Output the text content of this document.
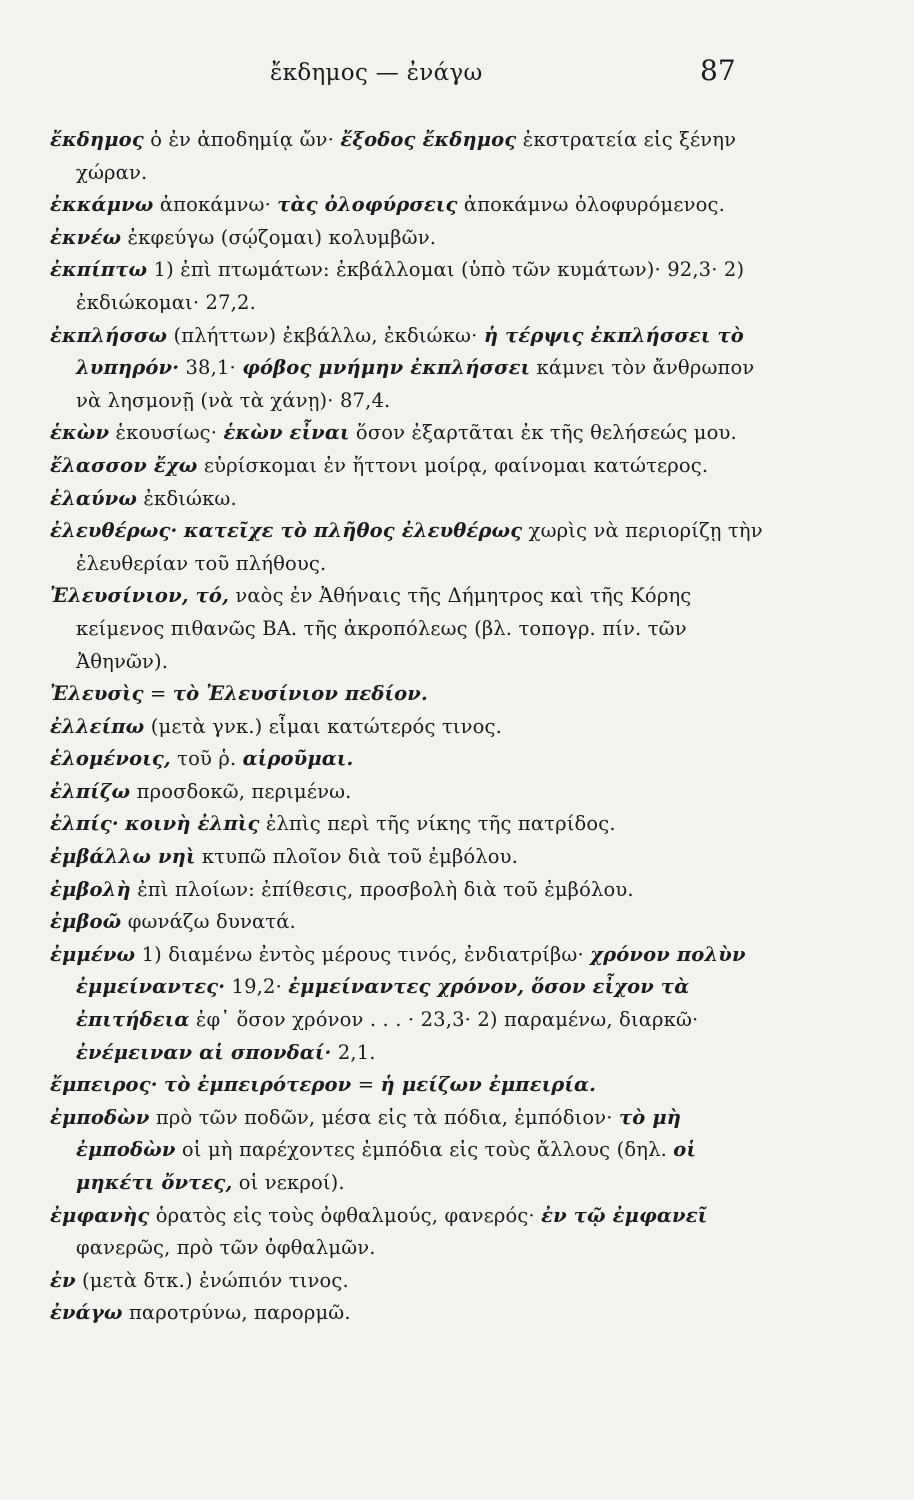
ἔκδημος — ἐνάγω	87

ἔκδημος ὁ ἐν ἀποδημίᾳ ὤν· ἔξοδος ἔκδημος ἐκστρατεία εἰς ξένην χώραν.

ἐκκάμνω ἀποκάμνω· τὰς ὀλοφύρσεις ἀποκάμνω ὀλοφυρόμενος.

ἐκνέω ἐκφεύγω (σῴζομαι) κολυμβῶν.

ἐκπίπτω 1) ἐπὶ πτωμάτων: ἐκβάλλομαι (ὑπὸ τῶν κυμάτων)· 92,3· 2) ἐκδιώκομαι· 27,2.

ἐκπλήσσω (πλήττων) ἐκβάλλω, ἐκδιώκω· ἡ τέρψις ἐκπλήσσει τὸ λυπηρόν· 38,1· φόβος μνήμην ἐκπλήσσει κάμνει τὸν ἄνθρωπον νὰ λησμονῇ (νὰ τὰ χάνῃ)· 87,4.

ἑκὼν ἑκουσίως· ἑκὼν εἶναι ὅσον ἐξαρτᾶται ἐκ τῆς θελήσεώς μου.

ἔλασσον ἔχω εὑρίσκομαι ἐν ἥττονι μοίρᾳ, φαίνομαι κατώτερος.

ἐλαύνω ἐκδιώκω.

ἐλευθέρως· κατεῖχε τὸ πλῆθος ἐλευθέρως χωρὶς νὰ περιορίζῃ τὴν ἐλευθερίαν τοῦ πλήθους.

Ἐλευσίνιον, τό, ναὸς ἐν Ἀθήναις τῆς Δήμητρος καὶ τῆς Κόρης κείμενος πιθανῶς ΒΑ. τῆς ἀκροπόλεως (βλ. τοπογρ. πίν. τῶν Ἀθηνῶν).

Ἐλευσὶς = τὸ Ἐλευσίνιον πεδίον.

ἐλλείπω (μετὰ γνκ.) εἶμαι κατώτερός τινος.

ἑλομένοις, τοῦ ῥ. αἱροῦμαι.

ἐλπίζω προσδοκῶ, περιμένω.

ἐλπίς· κοινὴ ἐλπὶς ἐλπὶς περὶ τῆς νίκης τῆς πατρίδος.

ἐμβάλλω νηὶ κτυπῶ πλοῖον διὰ τοῦ ἐμβόλου.

ἐμβολὴ ἐπὶ πλοίων: ἐπίθεσις, προσβολὴ διὰ τοῦ ἐμβόλου.

ἐμβοῶ φωνάζω δυνατά.

ἐμμένω 1) διαμένω ἐντὸς μέρους τινός, ἐνδιατρίβω· χρόνον πολὺν ἐμμείναντες· 19,2· ἐμμείναντες χρόνον, ὅσον εἶχον τὰ ἐπιτήδεια ἐφ᾽ ὅσον χρόνον . . . · 23,3· 2) παραμένω, διαρκῶ· ἐνέμειναν αἱ σπονδαί· 2,1.

ἔμπειρος· τὸ ἐμπειρότερον = ἡ μείζων ἐμπειρία.

ἐμποδὼν πρὸ τῶν ποδῶν, μέσα εἰς τὰ πόδια, ἐμπόδιον· τὸ μὴ ἐμποδὼν οἱ μὴ παρέχοντες ἐμπόδια εἰς τοὺς ἄλλους (δηλ. οἱ μηκέτι ὄντες, οἱ νεκροί).

ἐμφανὴς ὁρατὸς εἰς τοὺς ὀφθαλμούς, φανερός· ἐν τῷ ἐμφανεῖ φανερῶς, πρὸ τῶν ὀφθαλμῶν.

ἐν (μετὰ δτκ.) ἐνώπιόν τινος.

ἐνάγω παροτρύνω, παρορμῶ.
